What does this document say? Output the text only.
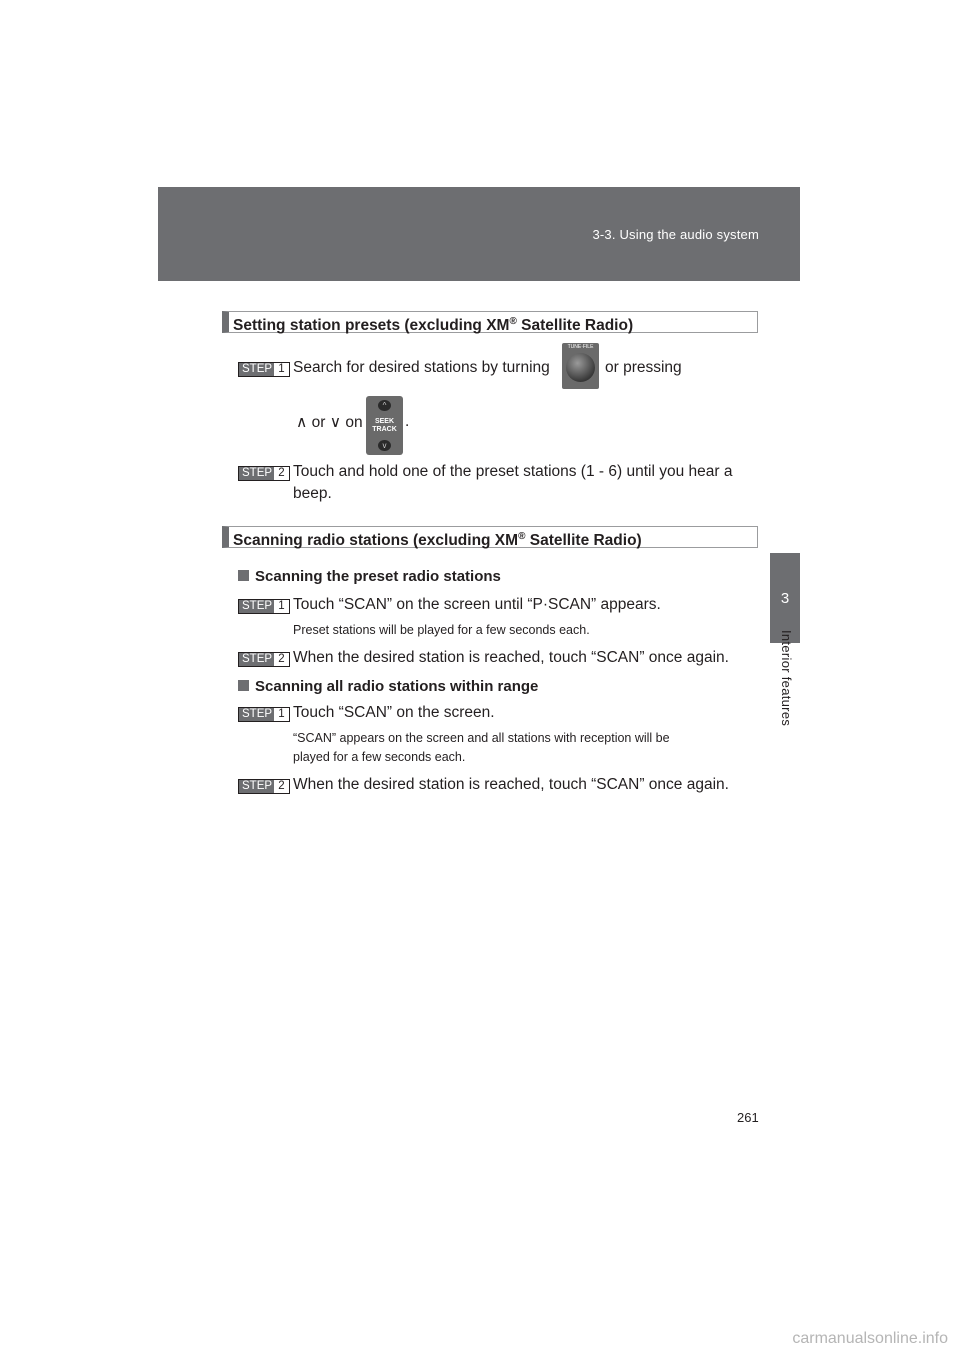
3-3. Using the audio system
3
Interior features
Setting station presets (excluding XM® Satellite Radio)
STEP 1 Search for desired stations by turning
TUNE·FILE
or pressing
∧ or ∨ on
^
SEEK
TRACK
v
.
STEP 2 Touch and hold one of the preset stations (1 - 6) until you hear a
beep.
Scanning radio stations (excluding XM® Satellite Radio)
Scanning the preset radio stations
STEP 1 Touch “SCAN” on the screen until “P·SCAN” appears.
Preset stations will be played for a few seconds each.
STEP 2 When the desired station is reached, touch “SCAN” once again.
Scanning all radio stations within range
STEP 1 Touch “SCAN” on the screen.
“SCAN” appears on the screen and all stations with reception will be
played for a few seconds each.
STEP 2 When the desired station is reached, touch “SCAN” once again.
261
carmanualsonline.info
